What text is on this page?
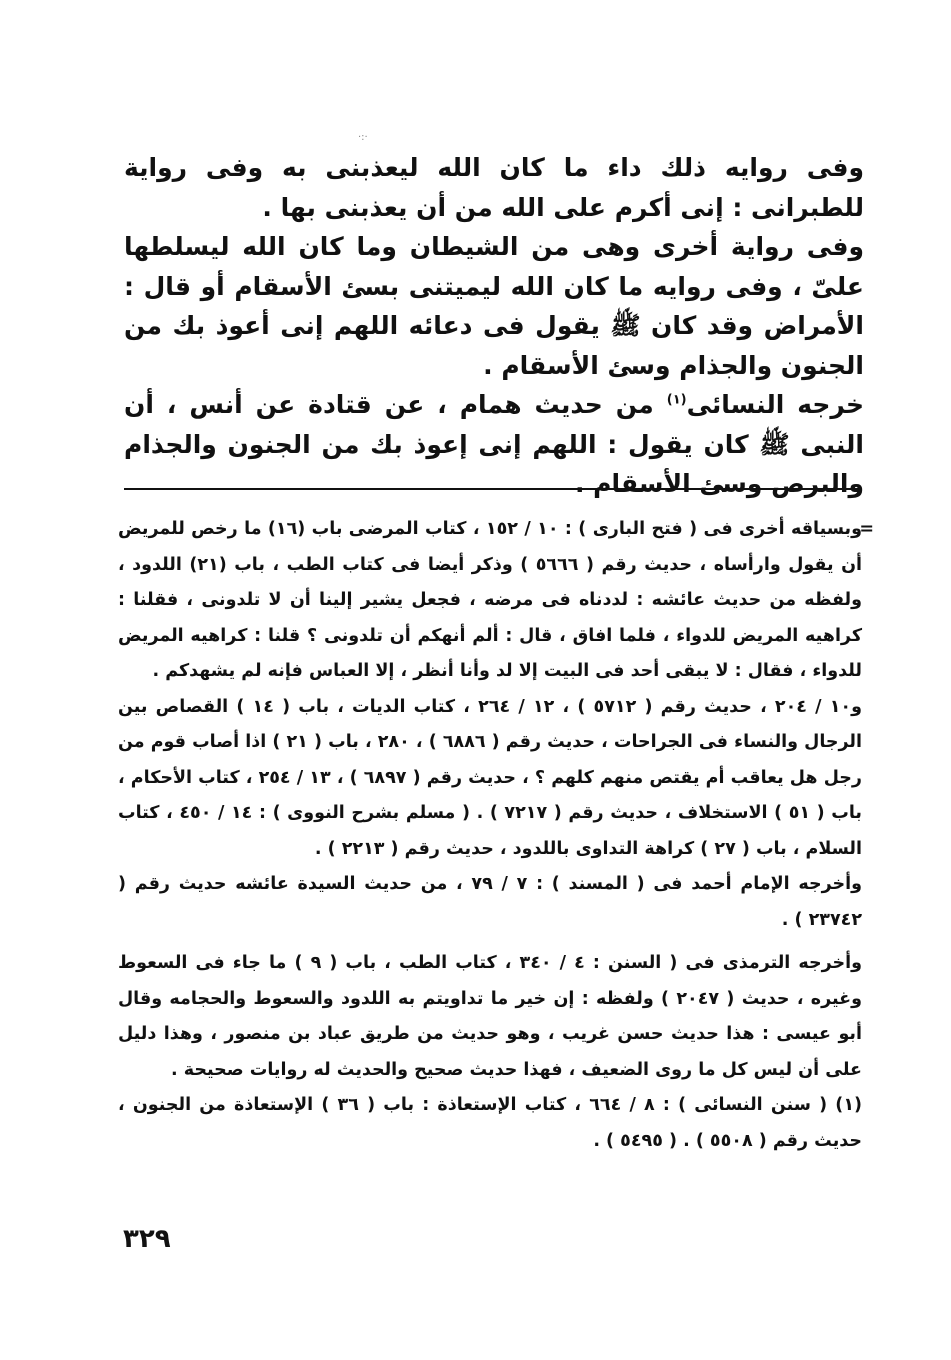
·:·

وفى روايه ذلك داء ما كان الله ليعذبنى به وفى رواية للطبرانى : إنى أكرم على الله من أن يعذبنى بها .

وفى رواية أخرى وهى من الشيطان وما كان الله ليسلطها علىّ ، وفى روايه ما كان الله ليميتنى بسئ الأسقام أو قال : الأمراض وقد كان ﷺ يقول فى دعائه اللهم إنى أعوذ بك من الجنون والجذام وسئ الأسقام .

خرجه النسائى$^{(١)}$ من حديث همام ، عن قتادة عن أنس ، أن النبى ﷺ كان يقول : اللهم إنى إعوذ بك من الجنون والجذام والبرص وسئ الأسقام .

=

وبسياقه أخرى فى ( فتح البارى ) : ١٠ / ١٥٢ ، كتاب المرضى باب (١٦) ما رخص للمريض أن يقول وارأساه ، حديث رقم ( ٥٦٦٦ ) وذكر أيضا فى كتاب الطب ، باب (٢١) اللدود ، ولفظه من حديث عائشه : لددناه فى مرضه ، فجعل يشير إلينا أن لا تلدونى ، فقلنا : كراهيه المريض للدواء ، فلما افاق ، قال : ألم أنهكم أن تلدونى ؟ قلنا : كراهيه المريض للدواء ، فقال : لا يبقى أحد فى البيت إلا لد وأنا أنظر ، إلا العباس فإنه لم يشهدكم .

و١٠ / ٢٠٤ ، حديث رقم ( ٥٧١٢ ) ، ١٢ / ٢٦٤ ، كتاب الديات ، باب ( ١٤ ) القصاص بين الرجال والنساء فى الجراحات ، حديث رقم ( ٦٨٨٦ ) ، ٢٨٠ ، باب ( ٢١ ) اذا أصاب قوم من رجل هل يعاقب أم يقتص منهم كلهم ؟ ، حديث رقم ( ٦٨٩٧ ) ، ١٣ / ٢٥٤ ، كتاب الأحكام ، باب ( ٥١ ) الاستخلاف ، حديث رقم ( ٧٢١٧ ) . ( مسلم بشرح النووى ) : ١٤ / ٤٥٠ ، كتاب السلام ، باب ( ٢٧ ) كراهة التداوى باللدود ، حديث رقم ( ٢٢١٣ ) .

وأخرجه الإمام أحمد فى ( المسند ) : ٧ / ٧٩ ، من حديث السيدة عائشه حديث رقم ( ٢٣٧٤٢ ) .

وأخرجه الترمذى فى ( السنن : ٤ / ٣٤٠ ، كتاب الطب ، باب ( ٩ ) ما جاء فى السعوط وغيره ، حديث ( ٢٠٤٧ ) ولفظه : إن خير ما تداويتم به اللدود والسعوط والحجامه وقال أبو عيسى : هذا حديث حسن غريب ، وهو حديث من طريق عباد بن منصور ، وهذا دليل على أن ليس كل ما روى الضعيف ، فهذا حديث صحيح والحديث له روايات صحيحة .

(١) ( سنن النسائى ) : ٨ / ٦٦٤ ، كتاب الإستعاذة : باب ( ٣٦ ) الإستعاذة من الجنون ، حديث رقم ( ٥٥٠٨ ) . ( ٥٤٩٥ ) .

٣٢٩
